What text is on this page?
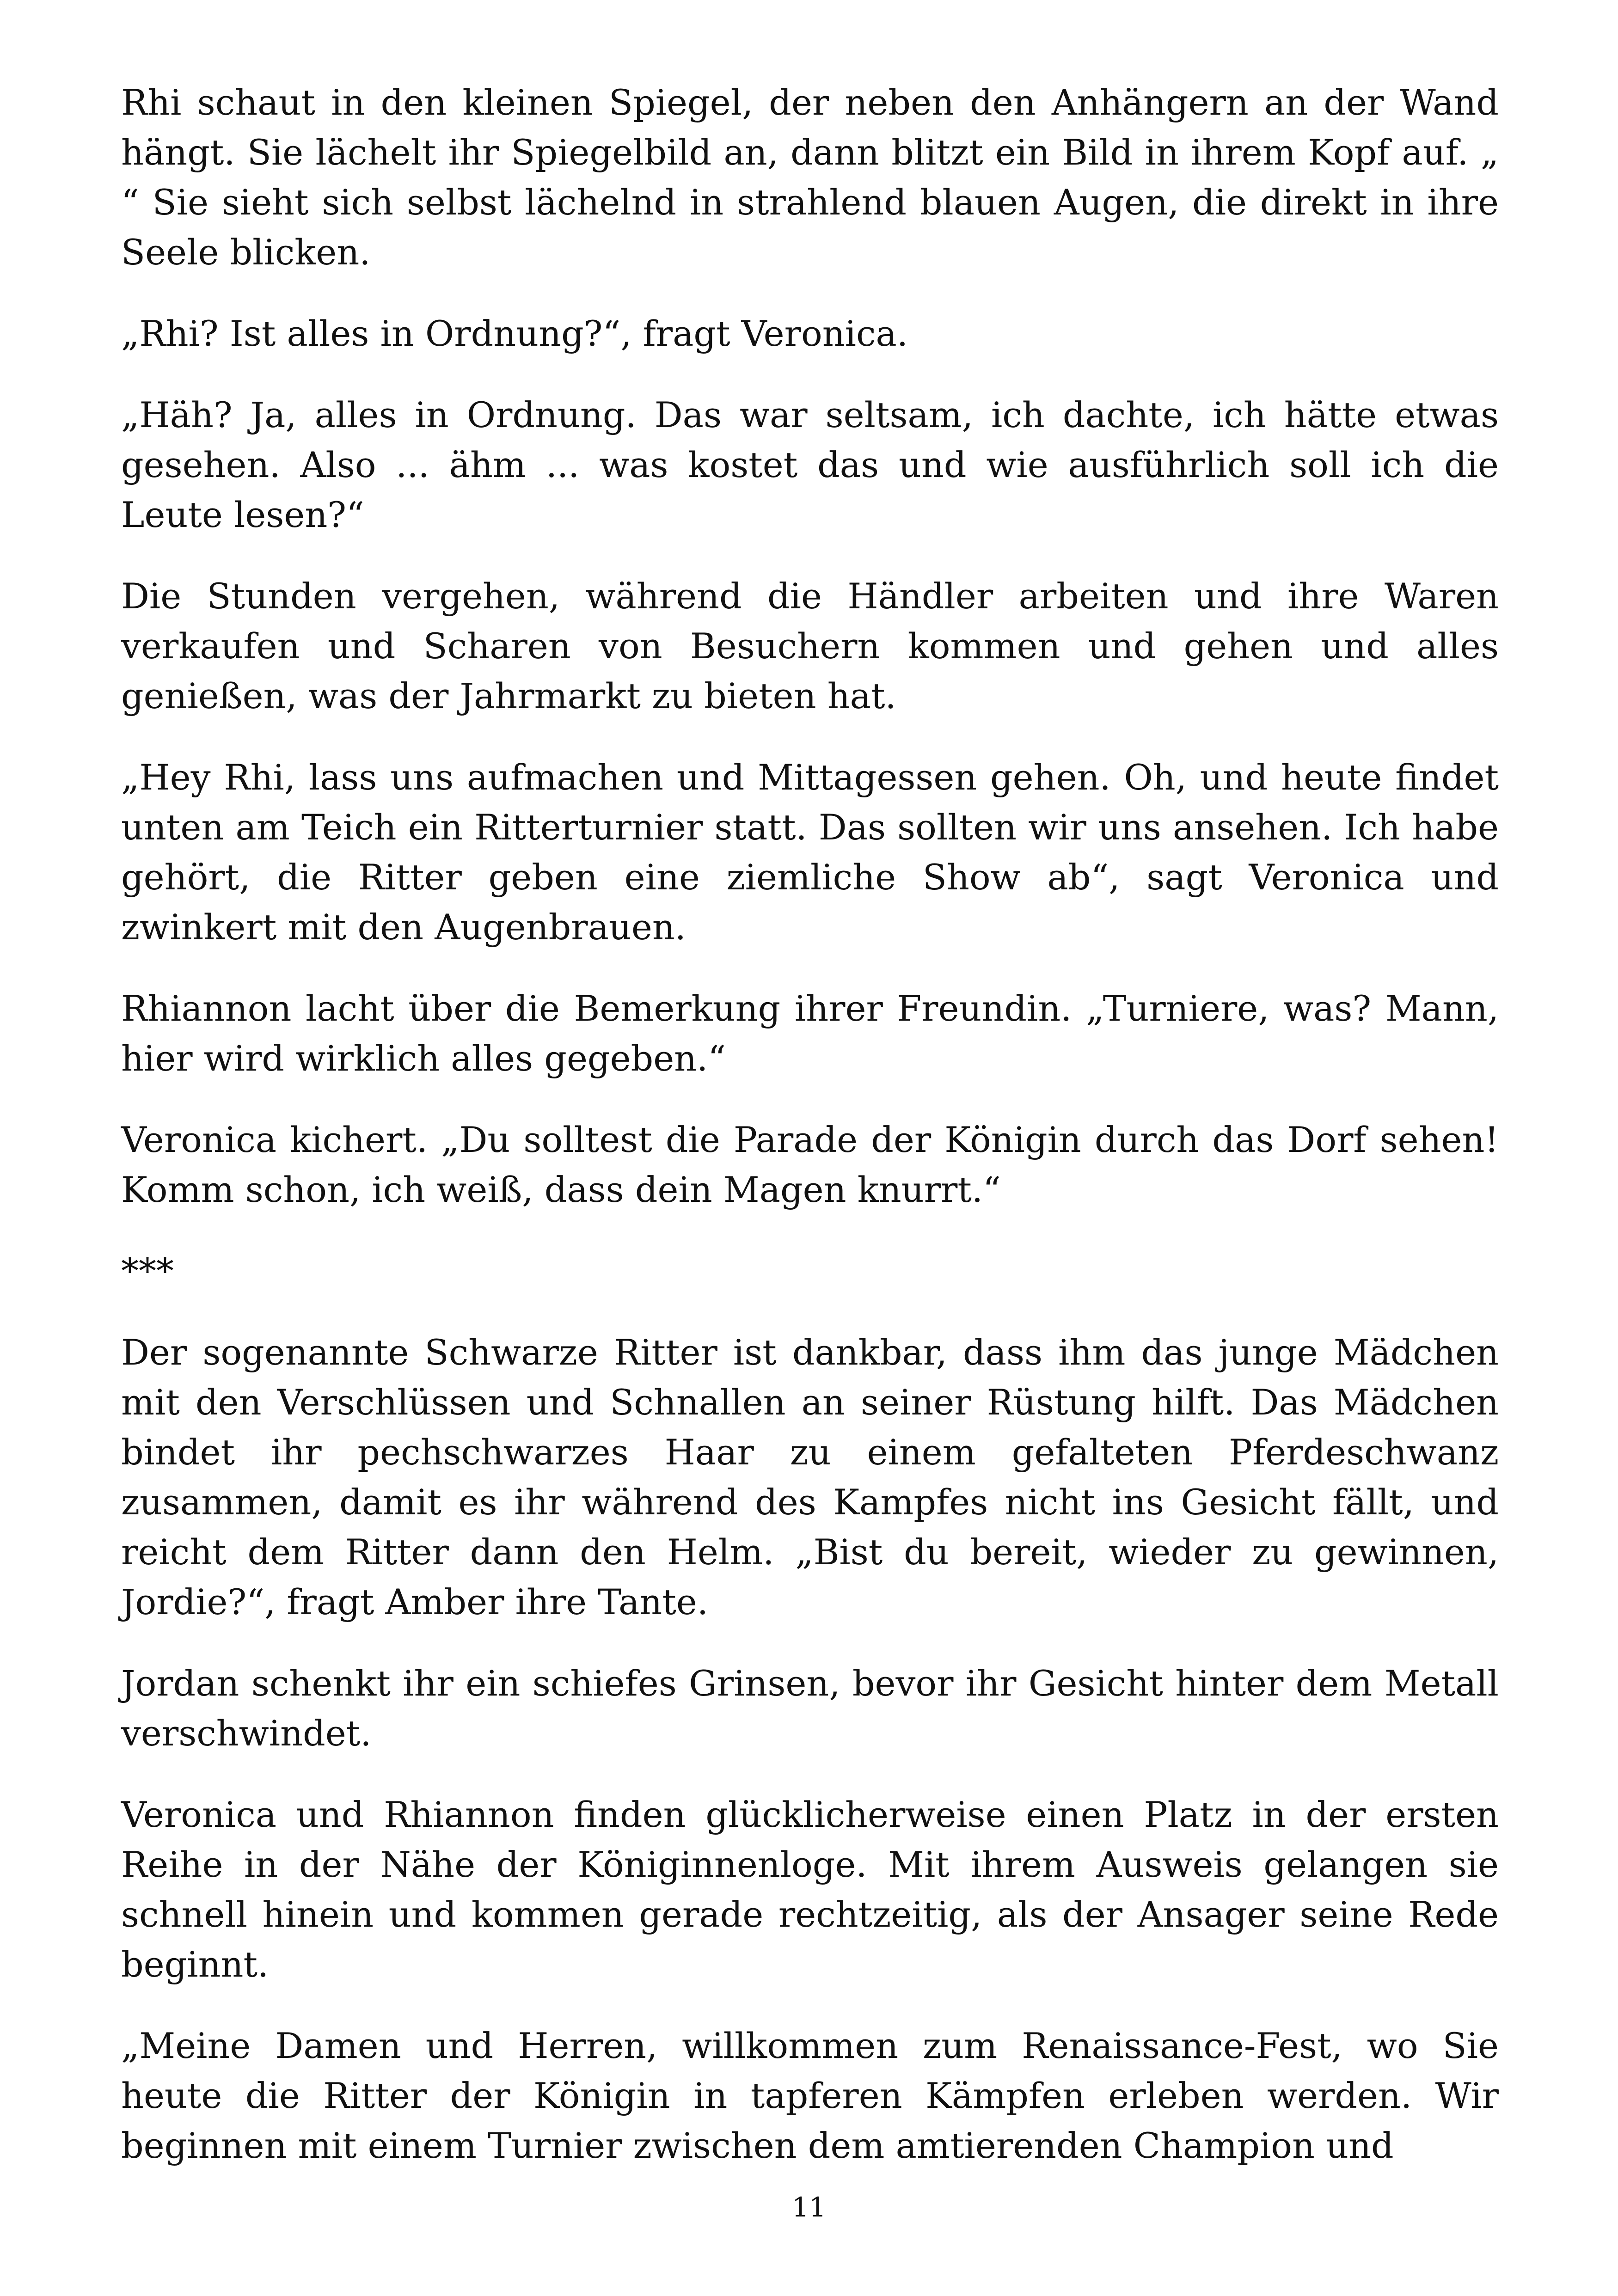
Rhi schaut in den kleinen Spiegel, der neben den Anhängern an der Wand hängt. Sie lächelt ihr Spiegelbild an, dann blitzt ein Bild in ihrem Kopf auf. „ “ Sie sieht sich selbst lächelnd in strahlend blauen Augen, die direkt in ihre Seele blicken.

„Rhi? Ist alles in Ordnung?“, fragt Veronica.

„Häh? Ja, alles in Ordnung. Das war seltsam, ich dachte, ich hätte etwas gesehen. Also ... ähm ... was kostet das und wie ausführlich soll ich die Leute lesen?“

Die Stunden vergehen, während die Händler arbeiten und ihre Waren verkaufen und Scharen von Besuchern kommen und gehen und alles genießen, was der Jahrmarkt zu bieten hat.

„Hey Rhi, lass uns aufmachen und Mittagessen gehen. Oh, und heute findet unten am Teich ein Ritterturnier statt. Das sollten wir uns ansehen. Ich habe gehört, die Ritter geben eine ziemliche Show ab“, sagt Veronica und zwinkert mit den Augenbrauen.

Rhiannon lacht über die Bemerkung ihrer Freundin. „Turniere, was? Mann, hier wird wirklich alles gegeben.“

Veronica kichert. „Du solltest die Parade der Königin durch das Dorf sehen! Komm schon, ich weiß, dass dein Magen knurrt.“

***

Der sogenannte Schwarze Ritter ist dankbar, dass ihm das junge Mädchen mit den Verschlüssen und Schnallen an seiner Rüstung hilft. Das Mädchen bindet ihr pechschwarzes Haar zu einem gefalteten Pferdeschwanz zusammen, damit es ihr während des Kampfes nicht ins Gesicht fällt, und reicht dem Ritter dann den Helm. „Bist du bereit, wieder zu gewinnen, Jordie?“, fragt Amber ihre Tante.

Jordan schenkt ihr ein schiefes Grinsen, bevor ihr Gesicht hinter dem Metall verschwindet.

Veronica und Rhiannon finden glücklicherweise einen Platz in der ersten Reihe in der Nähe der Königinnenloge. Mit ihrem Ausweis gelangen sie schnell hinein und kommen gerade rechtzeitig, als der Ansager seine Rede beginnt.

„Meine Damen und Herren, willkommen zum Renaissance-Fest, wo Sie heute die Ritter der Königin in tapferen Kämpfen erleben werden. Wir beginnen mit einem Turnier zwischen dem amtierenden Champion und

11
